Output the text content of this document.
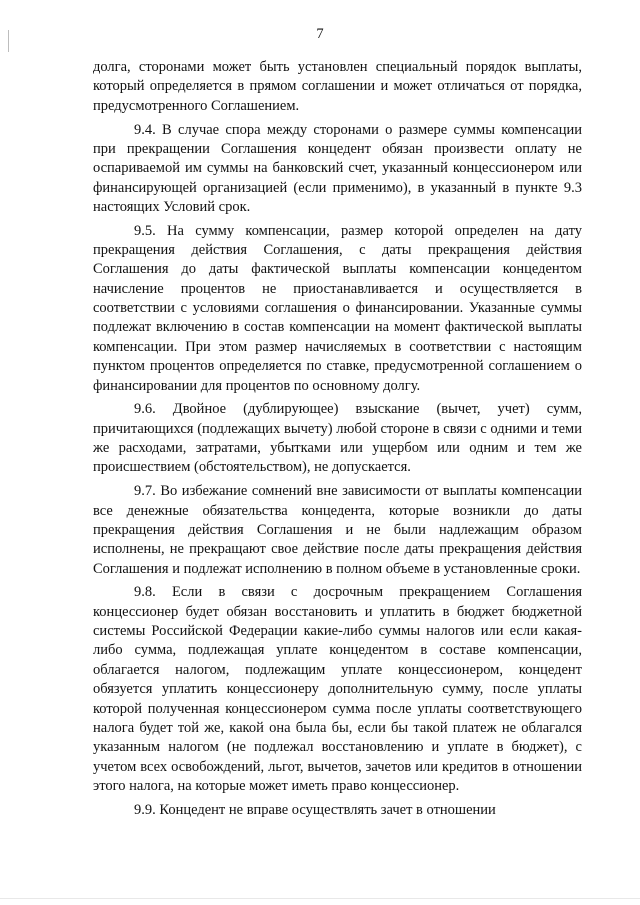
7

долга, сторонами может быть установлен специальный порядок выплаты, который определяется в прямом соглашении и может отличаться от порядка, предусмотренного Соглашением.

9.4. В случае спора между сторонами о размере суммы компенсации при прекращении Соглашения концедент обязан произвести оплату не оспариваемой им суммы на банковский счет, указанный концессионером или финансирующей организацией (если применимо), в указанный в пункте 9.3 настоящих Условий срок.

9.5. На сумму компенсации, размер которой определен на дату прекращения действия Соглашения, с даты прекращения действия Соглашения до даты фактической выплаты компенсации концедентом начисление процентов не приостанавливается и осуществляется в соответствии с условиями соглашения о финансировании. Указанные суммы подлежат включению в состав компенсации на момент фактической выплаты компенсации. При этом размер начисляемых в соответствии с настоящим пунктом процентов определяется по ставке, предусмотренной соглашением о финансировании для процентов по основному долгу.

9.6. Двойное (дублирующее) взыскание (вычет, учет) сумм, причитающихся (подлежащих вычету) любой стороне в связи с одними и теми же расходами, затратами, убытками или ущербом или одним и тем же происшествием (обстоятельством), не допускается.

9.7. Во избежание сомнений вне зависимости от выплаты компенсации все денежные обязательства концедента, которые возникли до даты прекращения действия Соглашения и не были надлежащим образом исполнены, не прекращают свое действие после даты прекращения действия Соглашения и подлежат исполнению в полном объеме в установленные сроки.

9.8. Если в связи с досрочным прекращением Соглашения концессионер будет обязан восстановить и уплатить в бюджет бюджетной системы Российской Федерации какие-либо суммы налогов или если какая-либо сумма, подлежащая уплате концедентом в составе компенсации, облагается налогом, подлежащим уплате концессионером, концедент обязуется уплатить концессионеру дополнительную сумму, после уплаты которой полученная концессионером сумма после уплаты соответствующего налога будет той же, какой она была бы, если бы такой платеж не облагался указанным налогом (не подлежал восстановлению и уплате в бюджет), с учетом всех освобождений, льгот, вычетов, зачетов или кредитов в отношении этого налога, на которые может иметь право концессионер.

9.9. Концедент не вправе осуществлять зачет в отношении
